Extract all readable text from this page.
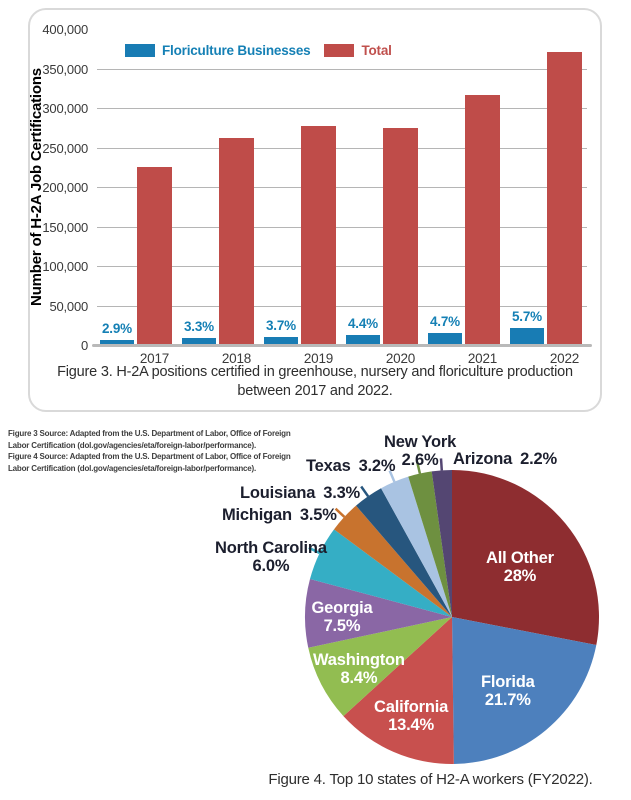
Number of H-2A Job Certifications
Floriculture Businesses	Total
0
50,000
100,000
150,000
200,000
250,000
300,000
350,000
400,000
2.9%
2017
3.3%
2018
3.7%
2019
4.4%
2020
4.7%
2021
5.7%
2022
Figure 3. H-2A positions certified in greenhouse, nursery and floriculture production between 2017 and 2022.
Figure 3 Source: Adapted from the U.S. Department of Labor, Office of Foreign
Labor Certification (dol.gov/agencies/eta/foreign-labor/performance).
Figure 4 Source: Adapted from the U.S. Department of Labor, Office of Foreign
Labor Certification (dol.gov/agencies/eta/foreign-labor/performance).
All Other
28%
Florida
21.7%
California
13.4%
Washington
8.4%
Georgia
7.5%
North Carolina
6.0%
Michigan 3.5%
Louisiana 3.3%
Texas 3.2%
New York
2.6% Arizona 2.2%
Figure 4. Top 10 states of H2-A workers (FY2022).
